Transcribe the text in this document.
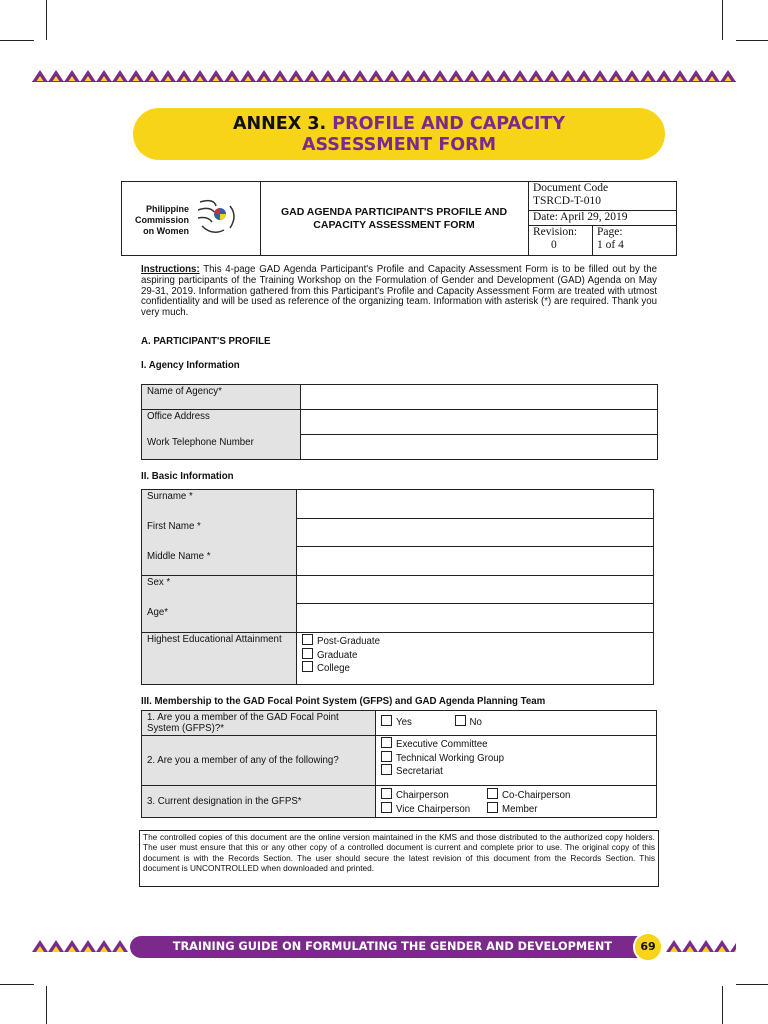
ANNEX 3. PROFILE AND CAPACITY
ASSESSMENT FORM
Philippine
Commission
on Women
GAD AGENDA PARTICIPANT'S PROFILE AND CAPACITY ASSESSMENT FORM
Document Code
TSRCD-T-010
Date: April 29, 2019
Revision:
0
Page:
1 of 4
Instructions: This 4-page GAD Agenda Participant's Profile and Capacity Assessment Form is to be filled out by the aspiring participants of the Training Workshop on the Formulation of Gender and Development (GAD) Agenda on May 29-31, 2019. Information gathered from this Participant's Profile and Capacity Assessment Form are treated with utmost confidentiality and will be used as reference of the organizing team. Information with asterisk (*) are required. Thank you very much.
A. PARTICIPANT'S PROFILE
I. Agency Information
Name of Agency*	

Office Address
Work Telephone Number	

II. Basic Information
Surname *
First Name *
Middle Name *	

Sex *
Age*	

Highest Educational Attainment	Post-Graduate
Graduate
College
III. Membership to the GAD Focal Point System (GFPS) and GAD Agenda Planning Team
1. Are you a member of the GAD Focal Point System (GFPS)?*	Yes No

2. Are you a member of any of the following?	Executive Committee
Technical Working Group
Secretariat

3. Current designation in the GFPS*	Chairperson Co-Chairperson
Vice Chairperson Member
The controlled copies of this document are the online version maintained in the KMS and those distributed to the authorized copy holders. The user must ensure that this or any other copy of a controlled document is current and complete prior to use. The original copy of this document is with the Records Section. The user should secure the latest revision of this document from the Records Section. This document is UNCONTROLLED when downloaded and printed.
TRAINING GUIDE ON FORMULATING THE GENDER AND DEVELOPMENT AGENDA
69
